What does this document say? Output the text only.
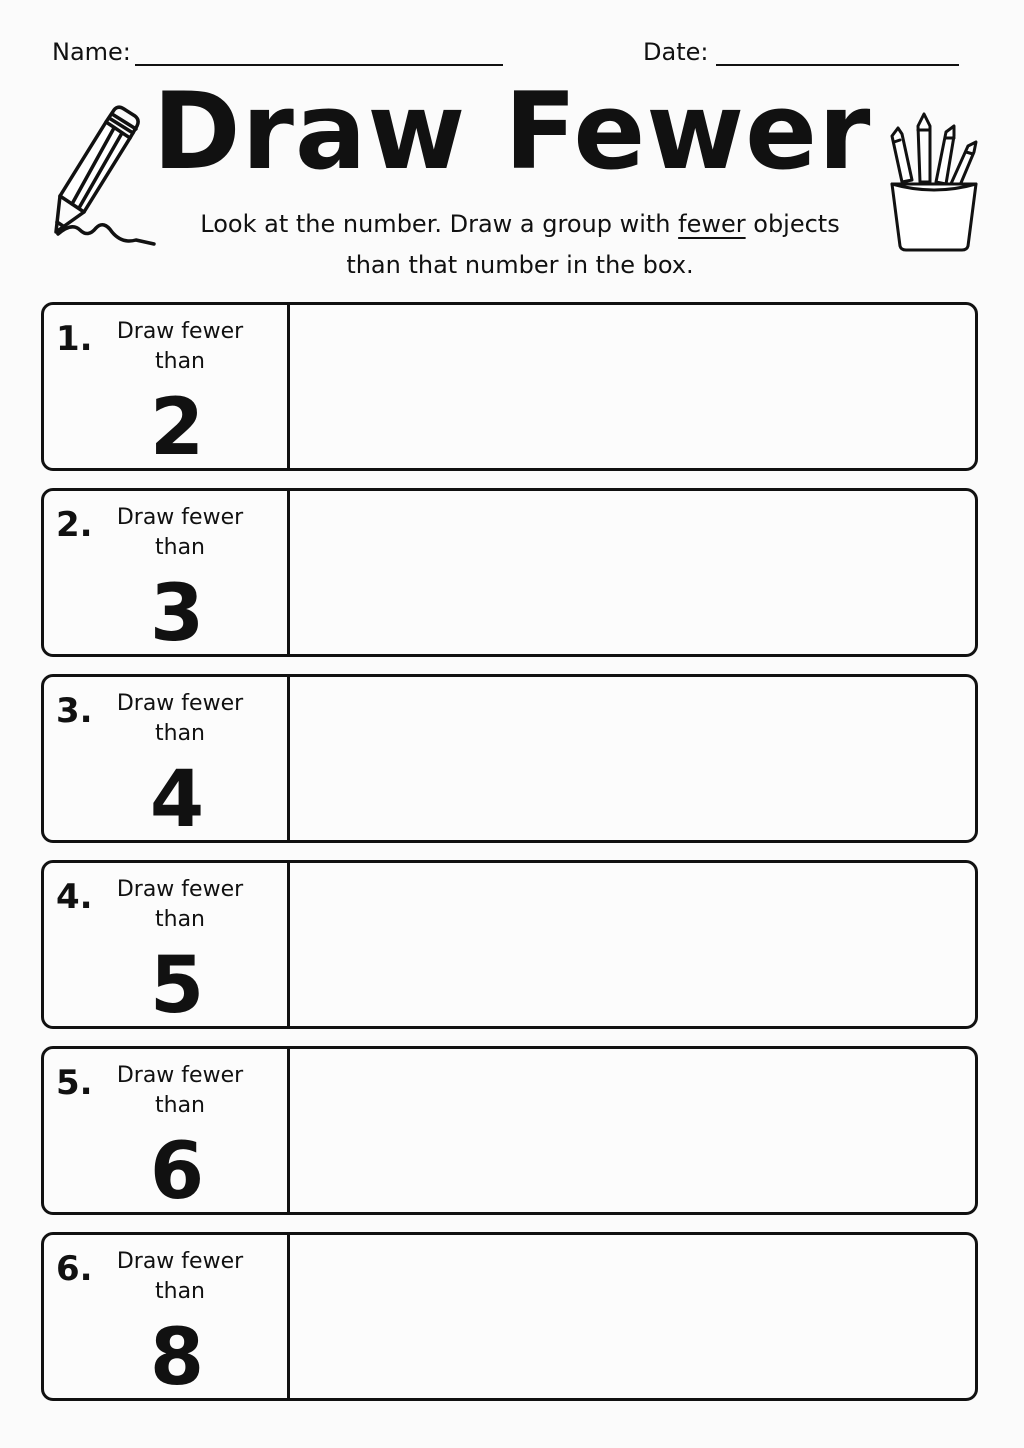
Name:	Date:
Draw Fewer
Look at the number. Draw a group with fewer objects than that number in the box.
1.	Draw fewer than
2
2.	Draw fewer than
3
3.	Draw fewer than
4
4.	Draw fewer than
5
5.	Draw fewer than
6
6.	Draw fewer than
8
